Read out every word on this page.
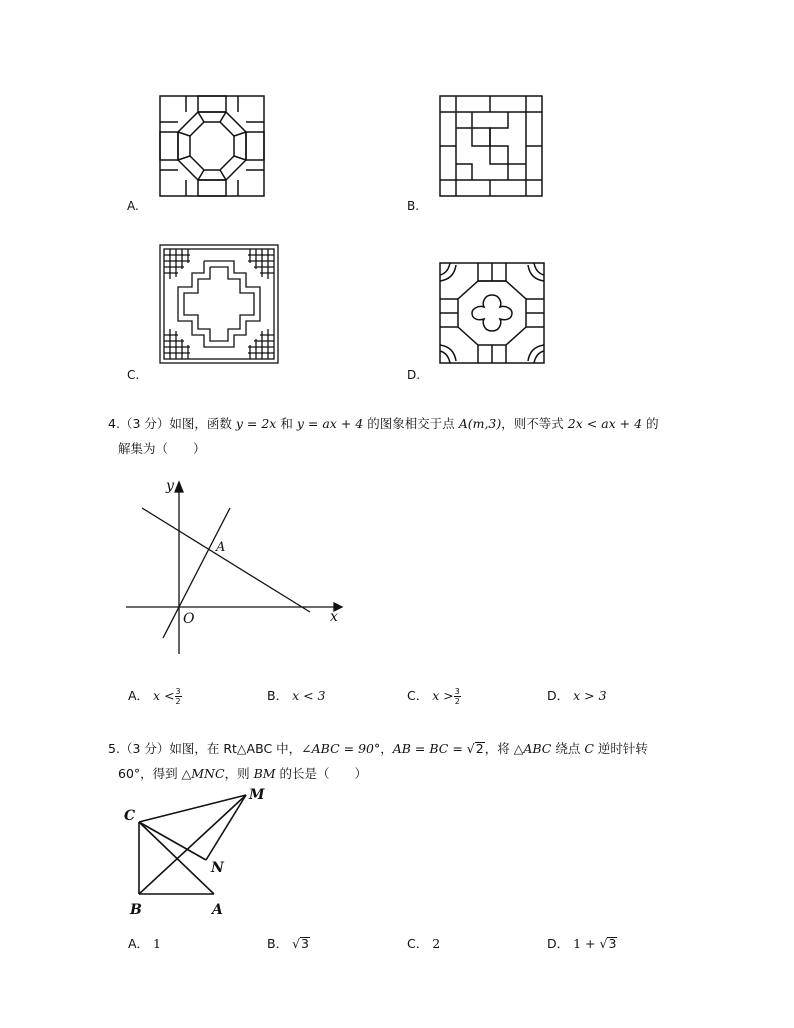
A.	B.
C.	D.
4.（3 分）如图，函数 y = 2x 和 y = ax + 4 的图象相交于点 A(m,3)，则不等式 2x < ax + 4 的
解集为（　　）
y
x
O
A
A． $x < \frac{3}{2}$	B． x < 3	C． $x > \frac{3}{2}$	D． x > 3
5.（3 分）如图，在 Rt△ABC 中，∠ABC = 90°，AB = BC = √2，将 △ABC 绕点 C 逆时针转
60°，得到 △MNC，则 BM 的长是（　　）
C
M
N
B	A
A． 1	B． √3	C． 2	D． 1 + √3
